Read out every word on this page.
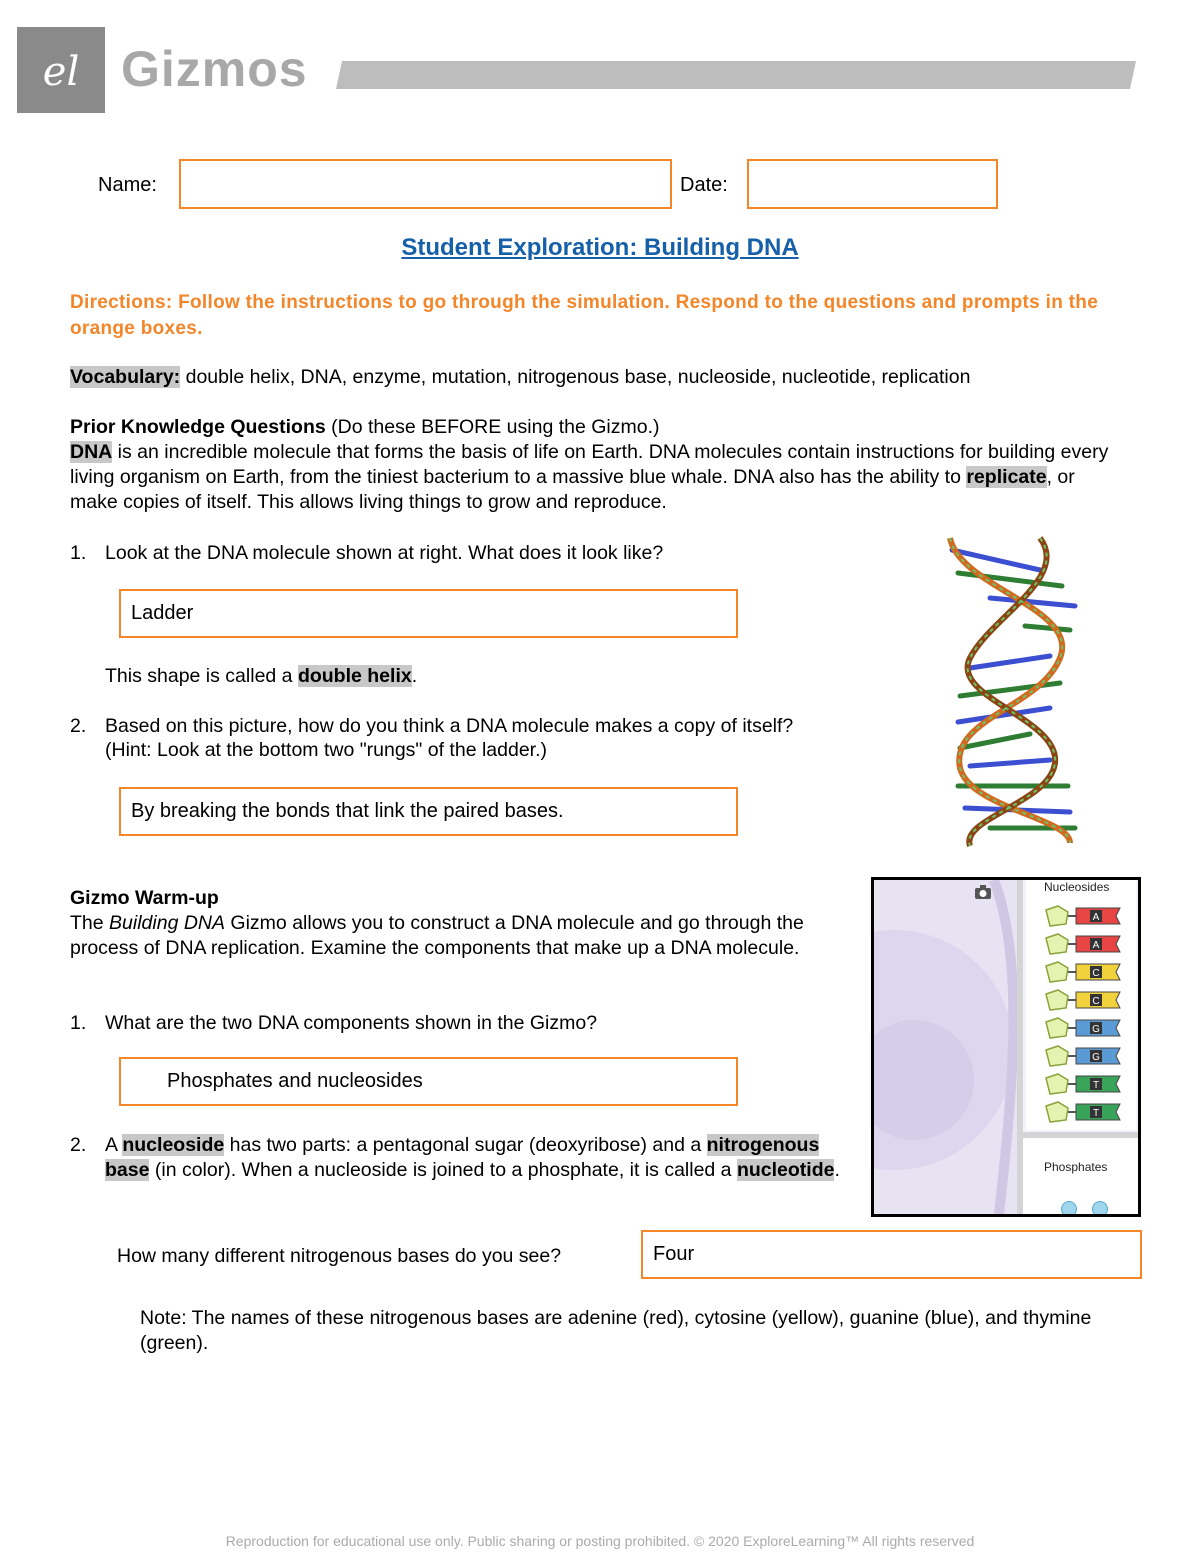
el Gizmos
Name:	Date:
Student Exploration: Building DNA
Directions: Follow the instructions to go through the simulation. Respond to the questions and prompts in the orange boxes.
Vocabulary: double helix, DNA, enzyme, mutation, nitrogenous base, nucleoside, nucleotide, replication
Prior Knowledge Questions (Do these BEFORE using the Gizmo.)
DNA is an incredible molecule that forms the basis of life on Earth. DNA molecules contain instructions for building every living organism on Earth, from the tiniest bacterium to a massive blue whale. DNA also has the ability to replicate, or make copies of itself. This allows living things to grow and reproduce.
1. Look at the DNA molecule shown at right. What does it look like?
Ladder
This shape is called a double helix.
2. Based on this picture, how do you think a DNA molecule makes a copy of itself?
(Hint: Look at the bottom two "rungs" of the ladder.)
By breaking the bonds that link the paired bases.
Gizmo Warm-up
The Building DNA Gizmo allows you to construct a DNA molecule and go through the process of DNA replication. Examine the components that make up a DNA molecule.
1. What are the two DNA components shown in the Gizmo?
Phosphates and nucleosides
2. A nucleoside has two parts: a pentagonal sugar (deoxyribose) and a nitrogenous base (in color). When a nucleoside is joined to a phosphate, it is called a nucleotide.
How many different nitrogenous bases do you see?	Four
Note: The names of these nitrogenous bases are adenine (red), cytosine (yellow), guanine (blue), and thymine (green).
Nucleosides
A
A
C
C
G
G
T
T
Phosphates
Reproduction for educational use only. Public sharing or posting prohibited. © 2020 ExploreLearning™ All rights reserved
